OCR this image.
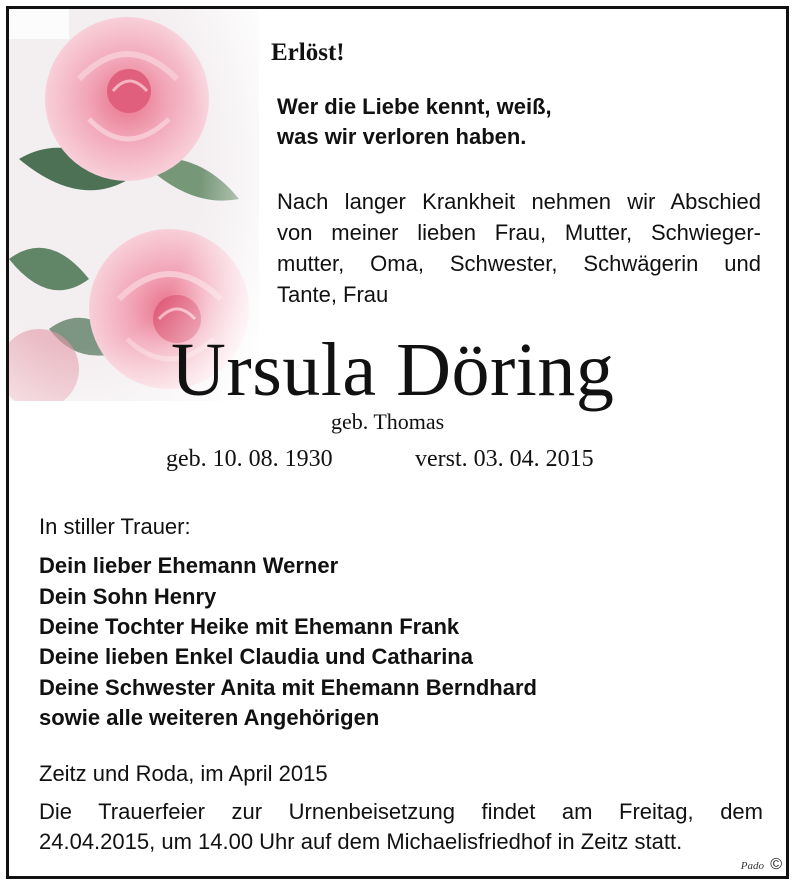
Erlöst!
Wer die Liebe kennt, weiß,
was wir verloren haben.
Nach langer Krankheit nehmen wir Abschied
von meiner lieben Frau, Mutter, Schwieger-
mutter, Oma, Schwester, Schwägerin und
Tante, Frau
Ursula Döring
geb. Thomas
geb. 10. 08. 1930	verst. 03. 04. 2015
In stiller Trauer:
Dein lieber Ehemann Werner
Dein Sohn Henry
Deine Tochter Heike mit Ehemann Frank
Deine lieben Enkel Claudia und Catharina
Deine Schwester Anita mit Ehemann Berndhard
sowie alle weiteren Angehörigen
Zeitz und Roda, im April 2015
Die Trauerfeier zur Urnenbeisetzung findet am Freitag, dem
24.04.2015, um 14.00 Uhr auf dem Michaelisfriedhof in Zeitz statt.
Pado ©
